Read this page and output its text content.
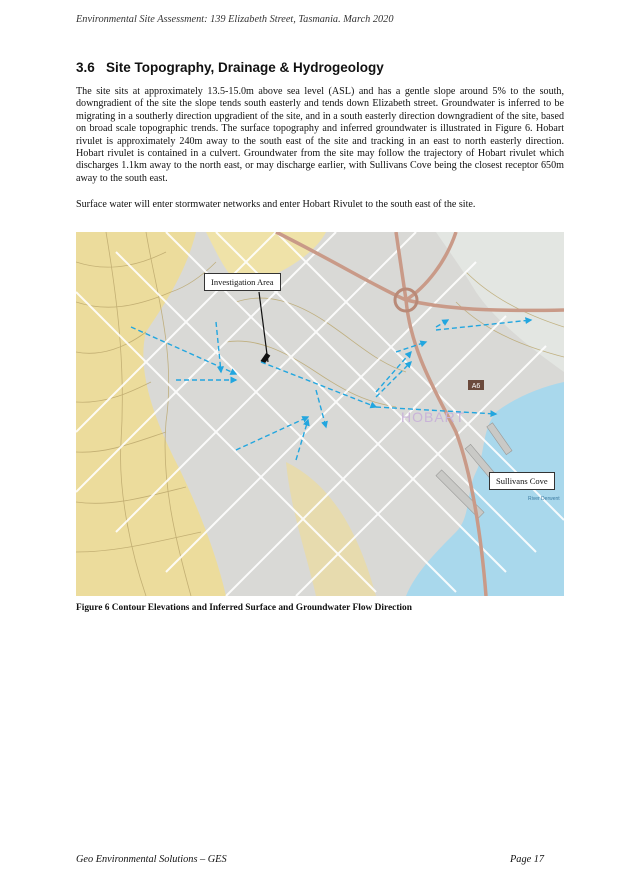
Environmental Site Assessment: 139 Elizabeth Street, Tasmania. March 2020
3.6 Site Topography, Drainage & Hydrogeology
The site sits at approximately 13.5-15.0m above sea level (ASL) and has a gentle slope around 5% to the south, downgradient of the site the slope tends south easterly and tends down Elizabeth street. Groundwater is inferred to be migrating in a southerly direction upgradient of the site, and in a south easterly direction downgradient of the site, based on broad scale topographic trends. The surface topography and inferred groundwater is illustrated in Figure 6. Hobart rivulet is approximately 240m away to the south east of the site and tracking in an east to north easterly direction. Hobart rivulet is contained in a culvert. Groundwater from the site may follow the trajectory of Hobart rivulet which discharges 1.1km away to the north east, or may discharge earlier, with Sullivans Cove being the closest receptor 650m away to the south east.
Surface water will enter stormwater networks and enter Hobart Rivulet to the south east of the site.
A6
HOBART
River Derwent
Investigation Area
Sullivans Cove
Figure 6 Contour Elevations and Inferred Surface and Groundwater Flow Direction
Geo Environmental Solutions – GES	Page 17
